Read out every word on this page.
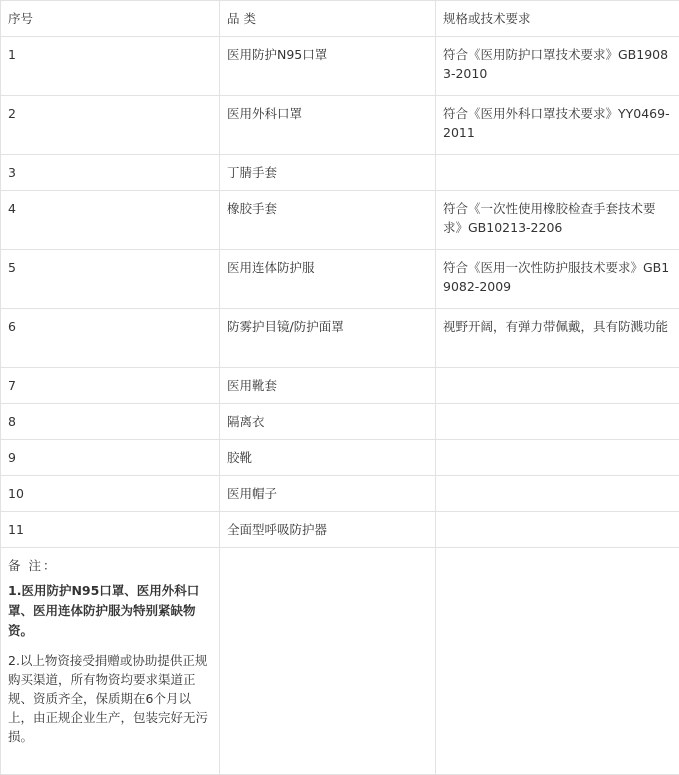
序号	品 类	规格或技术要求
1	医用防护N95口罩	符合《医用防护口罩技术要求》GB19083-2010
2	医用外科口罩	符合《医用外科口罩技术要求》YY0469-2011
3	丁腈手套	
4	橡胶手套	符合《一次性使用橡胶检查手套技术要求》GB10213-2206
5	医用连体防护服	符合《医用一次性防护服技术要求》GB19082-2009
6	防雾护目镜/防护面罩	视野开阔，有弹力带佩戴，具有防溅功能
7	医用靴套	
8	隔离衣	
9	胶靴	
10	医用帽子	
11	全面型呼吸防护器	

备 注：

1.医用防护N95口罩、医用外科口罩、医用连体防护服为特别紧缺物资。

2.以上物资接受捐赠或协助提供正规购买渠道，所有物资均要求渠道正规、资质齐全，保质期在6个月以上，由正规企业生产，包装完好无污损。		
